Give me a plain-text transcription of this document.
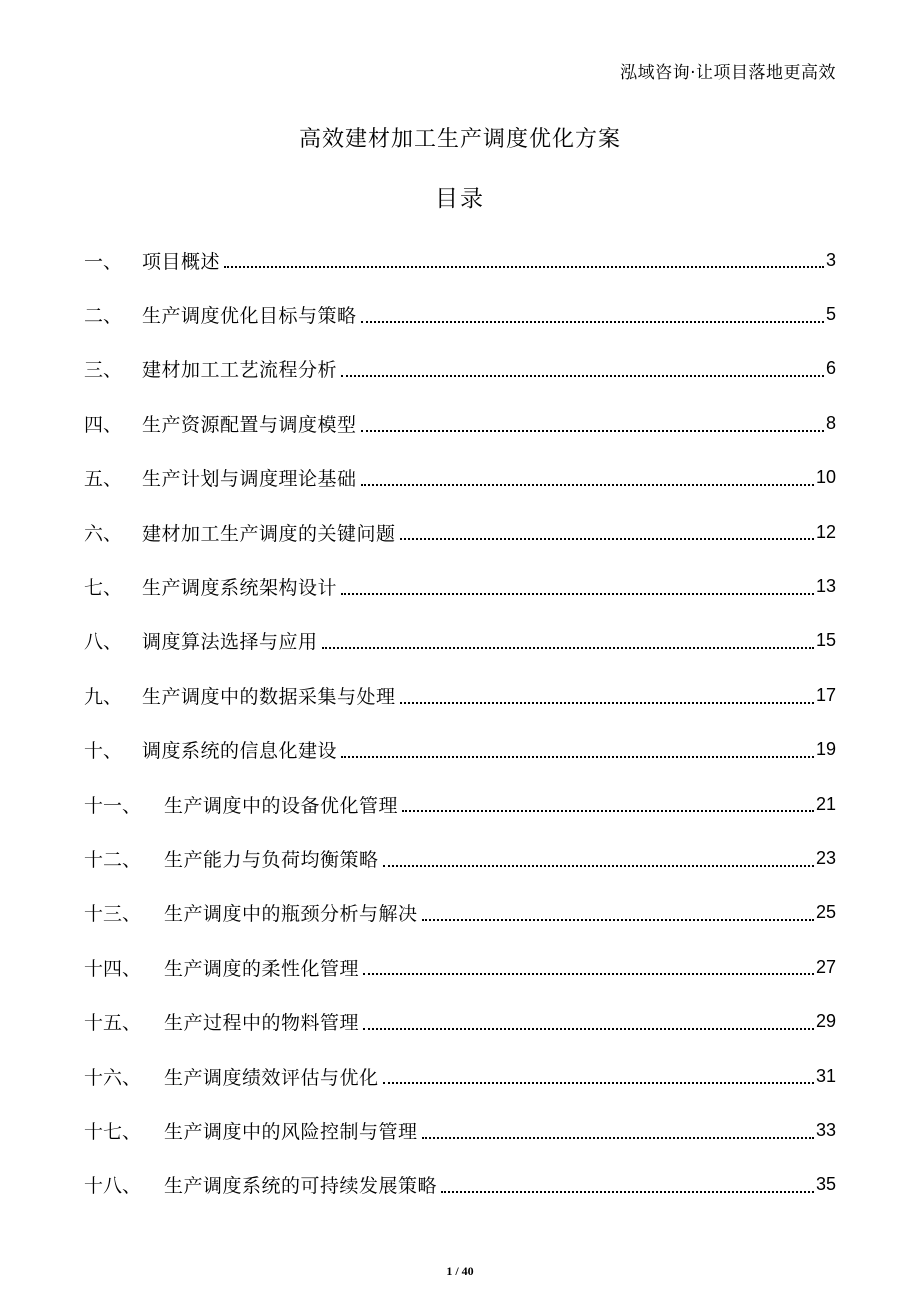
泓域咨询·让项目落地更高效
高效建材加工生产调度优化方案
目录
一、	项目概述	3
二、	生产调度优化目标与策略	5
三、	建材加工工艺流程分析	6
四、	生产资源配置与调度模型	8
五、	生产计划与调度理论基础	10
六、	建材加工生产调度的关键问题	12
七、	生产调度系统架构设计	13
八、	调度算法选择与应用	15
九、	生产调度中的数据采集与处理	17
十、	调度系统的信息化建设	19
十一、	生产调度中的设备优化管理	21
十二、	生产能力与负荷均衡策略	23
十三、	生产调度中的瓶颈分析与解决	25
十四、	生产调度的柔性化管理	27
十五、	生产过程中的物料管理	29
十六、	生产调度绩效评估与优化	31
十七、	生产调度中的风险控制与管理	33
十八、	生产调度系统的可持续发展策略	35
1 / 40
